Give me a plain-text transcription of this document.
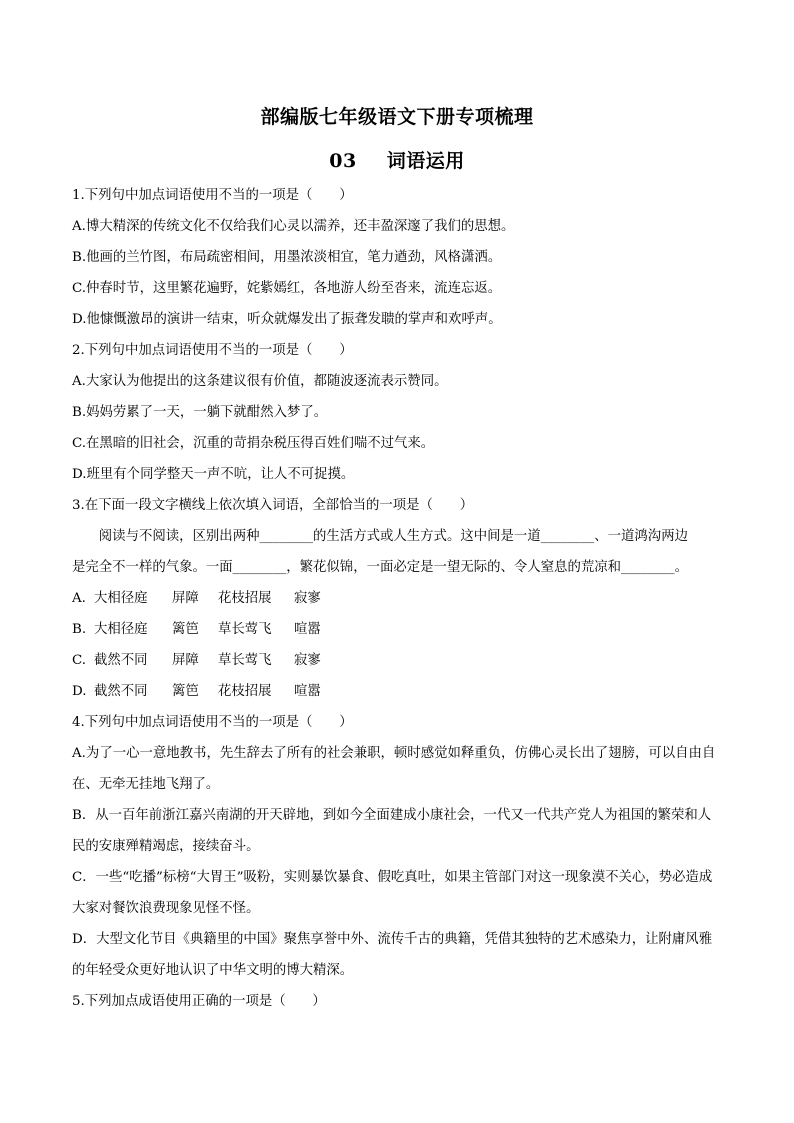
部编版七年级语文下册专项梳理
03 词语运用
1.下列句中加点词语使用不当的一项是（　　）
A.博大精深的传统文化不仅给我们心灵以濡养，还丰盈深邃了我们的思想。
B.他画的兰竹图，布局疏密相间，用墨浓淡相宜，笔力遒劲，风格潇洒。
C.仲春时节，这里繁花遍野，姹紫嫣红，各地游人纷至沓来，流连忘返。
D.他慷慨激昂的演讲一结束，听众就爆发出了振聋发聩的掌声和欢呼声。
2.下列句中加点词语使用不当的一项是（　　）
A.大家认为他提出的这条建议很有价值，都随波逐流表示赞同。
B.妈妈劳累了一天，一躺下就酣然入梦了。
C.在黑暗的旧社会，沉重的苛捐杂税压得百姓们喘不过气来。
D.班里有个同学整天一声不吭，让人不可捉摸。
3.在下面一段文字横线上依次填入词语，全部恰当的一项是（　　）
阅读与不阅读，区别出两种________的生活方式或人生方式。这中间是一道________、一道鸿沟两边
是完全不一样的气象。一面________，繁花似锦，一面必定是一望无际的、令人窒息的荒凉和________。
A. 大相径庭	屏障	花枝招展	寂寥
B. 大相径庭	篱笆	草长莺飞	喧嚣
C. 截然不同	屏障	草长莺飞	寂寥
D. 截然不同	篱笆	花枝招展	喧嚣
4.下列句中加点词语使用不当的一项是（　　）
A.为了一心一意地教书，先生辞去了所有的社会兼职，顿时感觉如释重负，仿佛心灵长出了翅膀，可以自由自在、无牵无挂地飞翔了。
B．从一百年前浙江嘉兴南湖的开天辟地，到如今全面建成小康社会，一代又一代共产党人为祖国的繁荣和人民的安康殚精竭虑，接续奋斗。
C．一些“吃播”标榜“大胃王”吸粉，实则暴饮暴食、假吃真吐，如果主管部门对这一现象漠不关心，势必造成大家对餐饮浪费现象见怪不怪。
D．大型文化节目《典籍里的中国》聚焦享誉中外、流传千古的典籍，凭借其独特的艺术感染力，让附庸风雅的年轻受众更好地认识了中华文明的博大精深。
5.下列加点成语使用正确的一项是（　　）
